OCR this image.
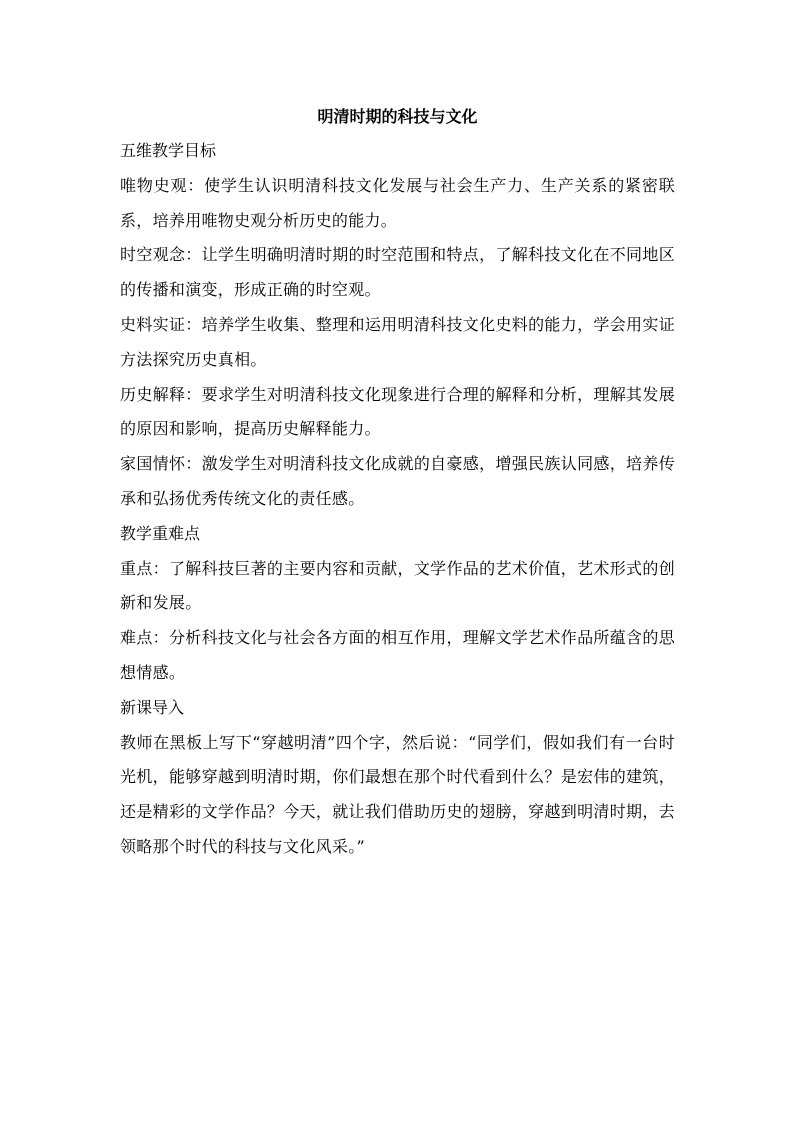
明清时期的科技与文化

五维教学目标

唯物史观：使学生认识明清科技文化发展与社会生产力、生产关系的紧密联系，培养用唯物史观分析历史的能力。

时空观念：让学生明确明清时期的时空范围和特点，了解科技文化在不同地区的传播和演变，形成正确的时空观。

史料实证：培养学生收集、整理和运用明清科技文化史料的能力，学会用实证方法探究历史真相。

历史解释：要求学生对明清科技文化现象进行合理的解释和分析，理解其发展的原因和影响，提高历史解释能力。

家国情怀：激发学生对明清科技文化成就的自豪感，增强民族认同感，培养传承和弘扬优秀传统文化的责任感。

教学重难点

重点：了解科技巨著的主要内容和贡献，文学作品的艺术价值，艺术形式的创新和发展。

难点：分析科技文化与社会各方面的相互作用，理解文学艺术作品所蕴含的思想情感。

新课导入

教师在黑板上写下“穿越明清”四个字，然后说：“同学们，假如我们有一台时光机，能够穿越到明清时期，你们最想在那个时代看到什么？是宏伟的建筑，还是精彩的文学作品？今天，就让我们借助历史的翅膀，穿越到明清时期，去领略那个时代的科技与文化风采。”
